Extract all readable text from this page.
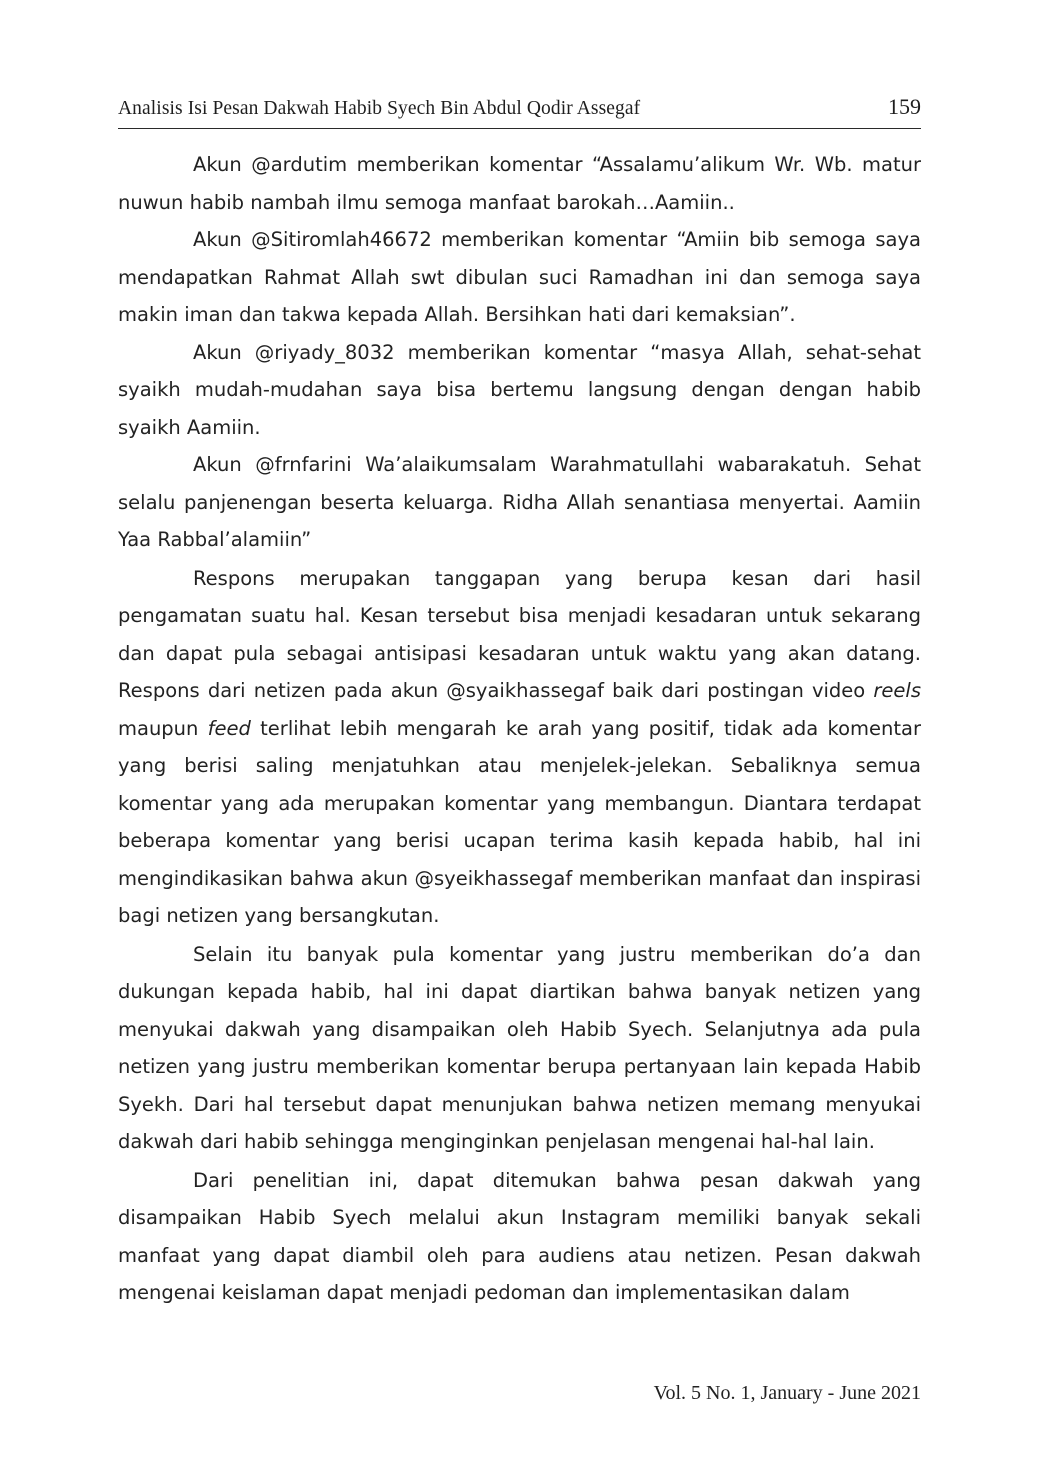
Analisis Isi Pesan Dakwah Habib Syech Bin Abdul Qodir Assegaf	159

Akun @ardutim memberikan komentar “Assalamu’alikum Wr. Wb. matur nuwun habib nambah ilmu semoga manfaat barokah…Aamiin..

Akun @Sitiromlah46672 memberikan komentar “Amiin bib semoga saya mendapatkan Rahmat Allah swt dibulan suci Ramadhan ini dan semoga saya makin iman dan takwa kepada Allah. Bersihkan hati dari kemaksian”.

Akun @riyady_8032 memberikan komentar “masya Allah, sehat-sehat syaikh mudah-mudahan saya bisa bertemu langsung dengan dengan habib syaikh Aamiin.

Akun @frnfarini Wa’alaikumsalam Warahmatullahi wabarakatuh. Sehat selalu panjenengan beserta keluarga. Ridha Allah senantiasa menyertai. Aamiin Yaa Rabbal’alamiin”

Respons merupakan tanggapan yang berupa kesan dari hasil pengamatan suatu hal. Kesan tersebut bisa menjadi kesadaran untuk sekarang dan dapat pula sebagai antisipasi kesadaran untuk waktu yang akan datang. Respons dari netizen pada akun @syaikhassegaf baik dari postingan video reels maupun feed terlihat lebih mengarah ke arah yang positif, tidak ada komentar yang berisi saling menjatuhkan atau menjelek-jelekan. Sebaliknya semua komentar yang ada merupakan komentar yang membangun. Diantara terdapat beberapa komentar yang berisi ucapan terima kasih kepada habib, hal ini mengindikasikan bahwa akun @syeikhassegaf memberikan manfaat dan inspirasi bagi netizen yang bersangkutan.

Selain itu banyak pula komentar yang justru memberikan do’a dan dukungan kepada habib, hal ini dapat diartikan bahwa banyak netizen yang menyukai dakwah yang disampaikan oleh Habib Syech. Selanjutnya ada pula netizen yang justru memberikan komentar berupa pertanyaan lain kepada Habib Syekh. Dari hal tersebut dapat menunjukan bahwa netizen memang menyukai dakwah dari habib sehingga menginginkan penjelasan mengenai hal-hal lain.

Dari penelitian ini, dapat ditemukan bahwa pesan dakwah yang disampaikan Habib Syech melalui akun Instagram memiliki banyak sekali manfaat yang dapat diambil oleh para audiens atau netizen. Pesan dakwah mengenai keislaman dapat menjadi pedoman dan implementasikan dalam

Vol. 5 No. 1, January - June 2021
